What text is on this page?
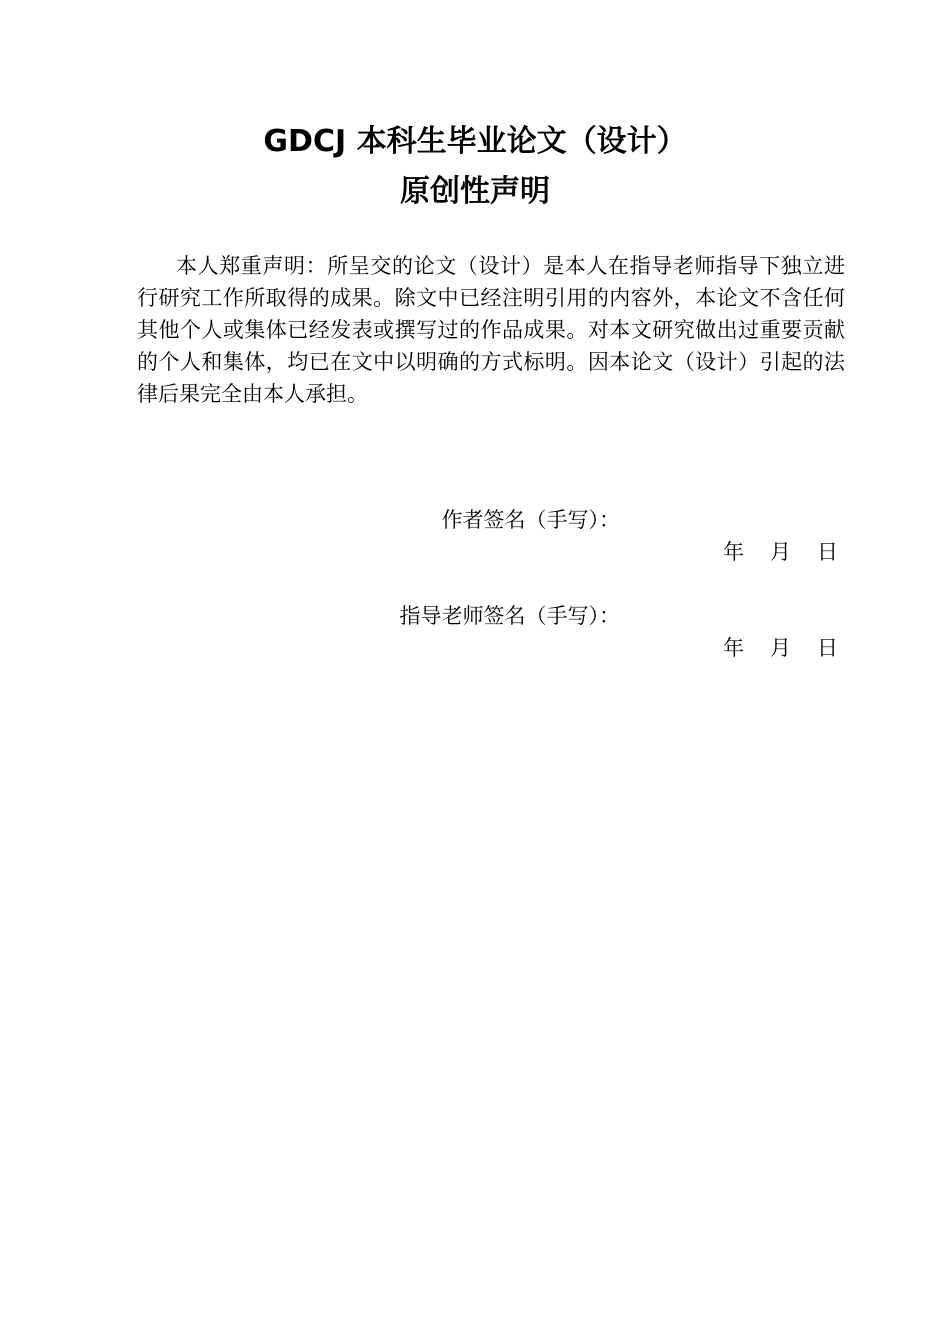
GDCJ 本科生毕业论文（设计）
原创性声明

本人郑重声明：所呈交的论文（设计）是本人在指导老师指导下独立进行研究工作所取得的成果。除文中已经注明引用的内容外，本论文不含任何其他个人或集体已经发表或撰写过的作品成果。对本文研究做出过重要贡献的个人和集体，均已在文中以明确的方式标明。因本论文（设计）引起的法律后果完全由本人承担。

作者签名（手写）：
年 月 日
指导老师签名（手写）：
年 月 日
